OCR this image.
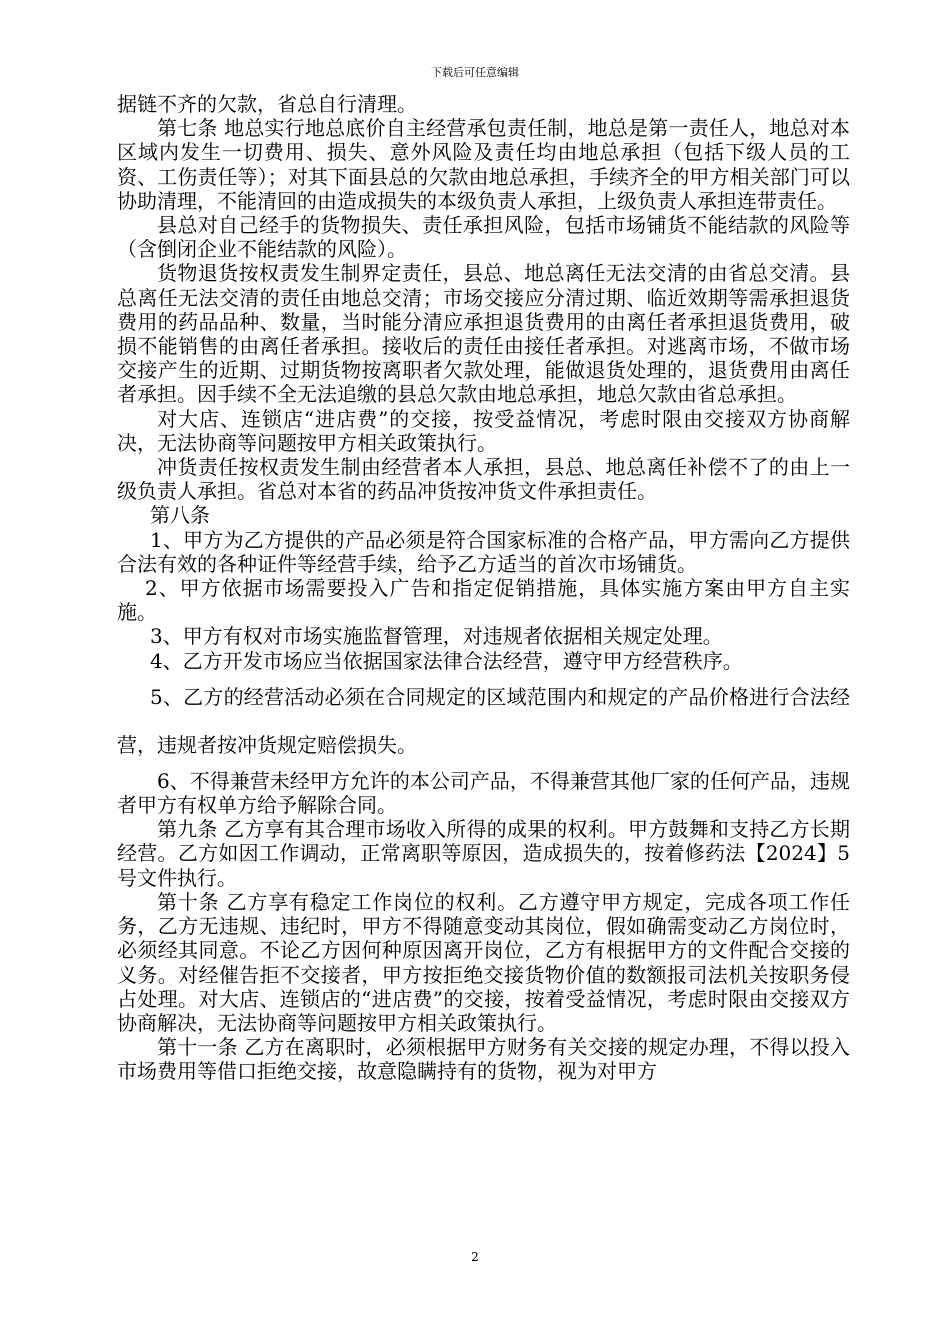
下载后可任意编辑

据链不齐的欠款，省总自行清理。

第七条 地总实行地总底价自主经营承包责任制，地总是第一责任人，地总对本区域内发生一切费用、损失、意外风险及责任均由地总承担（包括下级人员的工资、工伤责任等）；对其下面县总的欠款由地总承担，手续齐全的甲方相关部门可以协助清理，不能清回的由造成损失的本级负责人承担，上级负责人承担连带责任。

县总对自己经手的货物损失、责任承担风险，包括市场铺货不能结款的风险等（含倒闭企业不能结款的风险）。

货物退货按权责发生制界定责任，县总、地总离任无法交清的由省总交清。县总离任无法交清的责任由地总交清；市场交接应分清过期、临近效期等需承担退货费用的药品品种、数量，当时能分清应承担退货费用的由离任者承担退货费用，破损不能销售的由离任者承担。接收后的责任由接任者承担。对逃离市场，不做市场交接产生的近期、过期货物按离职者欠款处理，能做退货处理的，退货费用由离任者承担。因手续不全无法追缴的县总欠款由地总承担，地总欠款由省总承担。

对大店、连锁店“进店费”的交接，按受益情况，考虑时限由交接双方协商解决，无法协商等问题按甲方相关政策执行。

冲货责任按权责发生制由经营者本人承担，县总、地总离任补偿不了的由上一级负责人承担。省总对本省的药品冲货按冲货文件承担责任。

第八条

1、甲方为乙方提供的产品必须是符合国家标准的合格产品，甲方需向乙方提供合法有效的各种证件等经营手续，给予乙方适当的首次市场铺货。

2、甲方依据市场需要投入广告和指定促销措施，具体实施方案由甲方自主实施。

3、甲方有权对市场实施监督管理，对违规者依据相关规定处理。

4、乙方开发市场应当依据国家法律合法经营，遵守甲方经营秩序。

5、乙方的经营活动必须在合同规定的区域范围内和规定的产品价格进行合法经营，违规者按冲货规定赔偿损失。

6、不得兼营未经甲方允许的本公司产品，不得兼营其他厂家的任何产品，违规者甲方有权单方给予解除合同。

第九条 乙方享有其合理市场收入所得的成果的权利。甲方鼓舞和支持乙方长期经营。乙方如因工作调动，正常离职等原因，造成损失的，按着修药法【2024】5号文件执行。

第十条 乙方享有稳定工作岗位的权利。乙方遵守甲方规定，完成各项工作任务，乙方无违规、违纪时，甲方不得随意变动其岗位，假如确需变动乙方岗位时，必须经其同意。不论乙方因何种原因离开岗位，乙方有根据甲方的文件配合交接的义务。对经催告拒不交接者，甲方按拒绝交接货物价值的数额报司法机关按职务侵占处理。对大店、连锁店的“进店费”的交接，按着受益情况，考虑时限由交接双方协商解决，无法协商等问题按甲方相关政策执行。

第十一条 乙方在离职时，必须根据甲方财务有关交接的规定办理，不得以投入市场费用等借口拒绝交接，故意隐瞒持有的货物，视为对甲方

2
